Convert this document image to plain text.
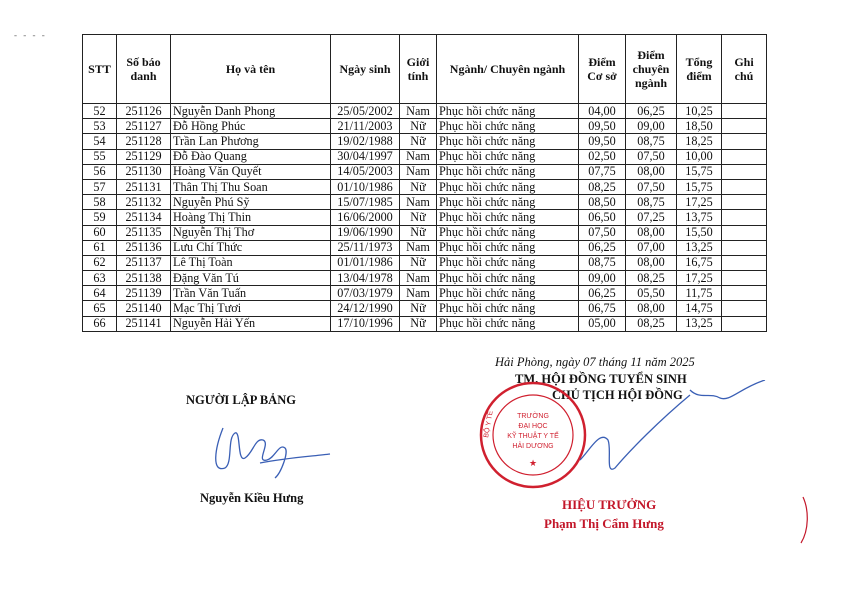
- - - -
STT	Số báo danh	Họ và tên	Ngày sinh	Giới tính	Ngành/ Chuyên ngành	Điểm Cơ sở	Điểm chuyên ngành	Tổng điểm	Ghi chú
52	251126	Nguyễn Danh Phong	25/05/2002	Nam	Phục hồi chức năng	04,00	06,25	10,25	
53	251127	Đỗ Hồng Phúc	21/11/2003	Nữ	Phục hồi chức năng	09,50	09,00	18,50	
54	251128	Trần Lan Phương	19/02/1988	Nữ	Phục hồi chức năng	09,50	08,75	18,25	
55	251129	Đỗ Đào Quang	30/04/1997	Nam	Phục hồi chức năng	02,50	07,50	10,00	
56	251130	Hoàng Văn Quyết	14/05/2003	Nam	Phục hồi chức năng	07,75	08,00	15,75	
57	251131	Thân Thị Thu Soan	01/10/1986	Nữ	Phục hồi chức năng	08,25	07,50	15,75	
58	251132	Nguyễn Phú Sỹ	15/07/1985	Nam	Phục hồi chức năng	08,50	08,75	17,25	
59	251134	Hoàng Thị Thin	16/06/2000	Nữ	Phục hồi chức năng	06,50	07,25	13,75	
60	251135	Nguyễn Thị Thơ	19/06/1990	Nữ	Phục hồi chức năng	07,50	08,00	15,50	
61	251136	Lưu Chí Thức	25/11/1973	Nam	Phục hồi chức năng	06,25	07,00	13,25	
62	251137	Lê Thị Toàn	01/01/1986	Nữ	Phục hồi chức năng	08,75	08,00	16,75	
63	251138	Đặng Văn Tú	13/04/1978	Nam	Phục hồi chức năng	09,00	08,25	17,25	
64	251139	Trần Văn Tuấn	07/03/1979	Nam	Phục hồi chức năng	06,25	05,50	11,75	
65	251140	Mạc Thị Tươi	24/12/1990	Nữ	Phục hồi chức năng	06,75	08,00	14,75	
66	251141	Nguyễn Hải Yến	17/10/1996	Nữ	Phục hồi chức năng	05,00	08,25	13,25	
Hải Phòng, ngày 07 tháng 11 năm 2025
TM. HỘI ĐỒNG TUYỂN SINH
CHỦ TỊCH HỘI ĐỒNG
NGƯỜI LẬP BẢNG
Nguyễn Kiều Hưng	HIỆU TRƯỞNG
Phạm Thị Cẩm Hưng
BỘ Y TẾ	TRƯỜNG
ĐẠI HỌC
KỸ THUẬT Y TẾ
HẢI DƯƠNG
★
